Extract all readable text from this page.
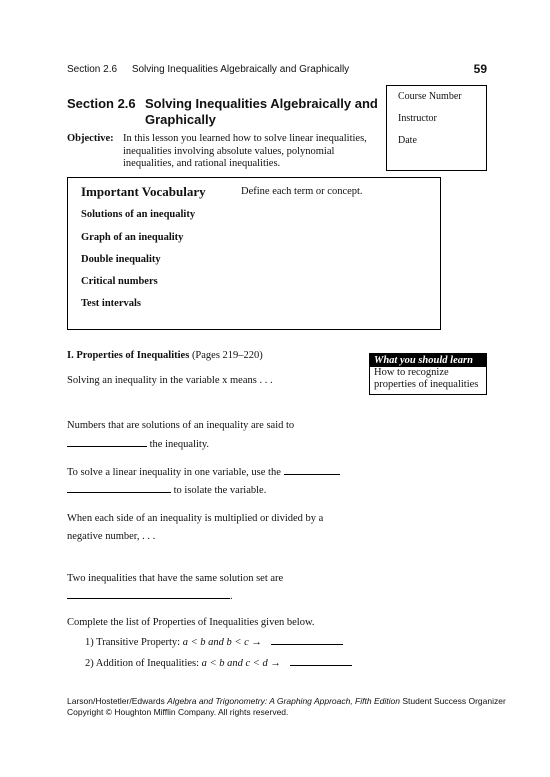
Section 2.6 Solving Inequalities Algebraically and Graphically	59
Course Number
Instructor
Date
Section 2.6 Solving Inequalities Algebraically and
Graphically
Objective: In this lesson you learned how to solve linear inequalities, inequalities involving absolute values, polynomial inequalities, and rational inequalities.
Important Vocabulary	Define each term or concept.
Solutions of an inequality
Graph of an inequality
Double inequality
Critical numbers
Test intervals
What you should learn
How to recognize properties of inequalities
I. Properties of Inequalities (Pages 219–220)
Solving an inequality in the variable x means . . .
Numbers that are solutions of an inequality are said to
the inequality.
To solve a linear inequality in one variable, use the
to isolate the variable.
When each side of an inequality is multiplied or divided by a
negative number, . . .
Two inequalities that have the same solution set are
.
Complete the list of Properties of Inequalities given below.
1) Transitive Property: a < b and b < c →
2) Addition of Inequalities: a < b and c < d →
Larson/Hostetler/Edwards Algebra and Trigonometry: A Graphing Approach, Fifth Edition Student Success Organizer
Copyright © Houghton Mifflin Company. All rights reserved.
